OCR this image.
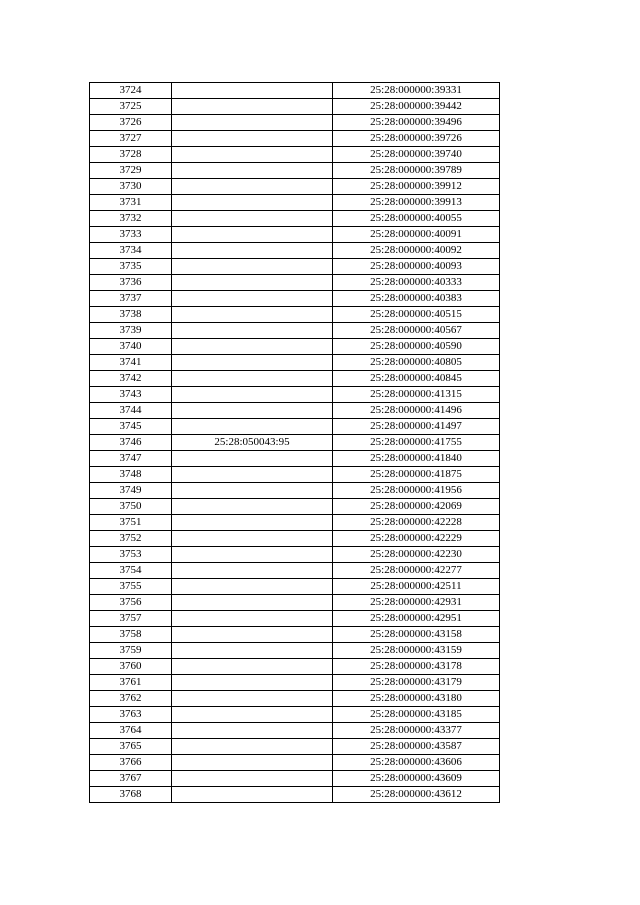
3724		25:28:000000:39331
3725		25:28:000000:39442
3726		25:28:000000:39496
3727		25:28:000000:39726
3728		25:28:000000:39740
3729		25:28:000000:39789
3730		25:28:000000:39912
3731		25:28:000000:39913
3732		25:28:000000:40055
3733		25:28:000000:40091
3734		25:28:000000:40092
3735		25:28:000000:40093
3736		25:28:000000:40333
3737		25:28:000000:40383
3738		25:28:000000:40515
3739		25:28:000000:40567
3740		25:28:000000:40590
3741		25:28:000000:40805
3742		25:28:000000:40845
3743		25:28:000000:41315
3744		25:28:000000:41496
3745		25:28:000000:41497
3746	25:28:050043:95	25:28:000000:41755
3747		25:28:000000:41840
3748		25:28:000000:41875
3749		25:28:000000:41956
3750		25:28:000000:42069
3751		25:28:000000:42228
3752		25:28:000000:42229
3753		25:28:000000:42230
3754		25:28:000000:42277
3755		25:28:000000:42511
3756		25:28:000000:42931
3757		25:28:000000:42951
3758		25:28:000000:43158
3759		25:28:000000:43159
3760		25:28:000000:43178
3761		25:28:000000:43179
3762		25:28:000000:43180
3763		25:28:000000:43185
3764		25:28:000000:43377
3765		25:28:000000:43587
3766		25:28:000000:43606
3767		25:28:000000:43609
3768		25:28:000000:43612
